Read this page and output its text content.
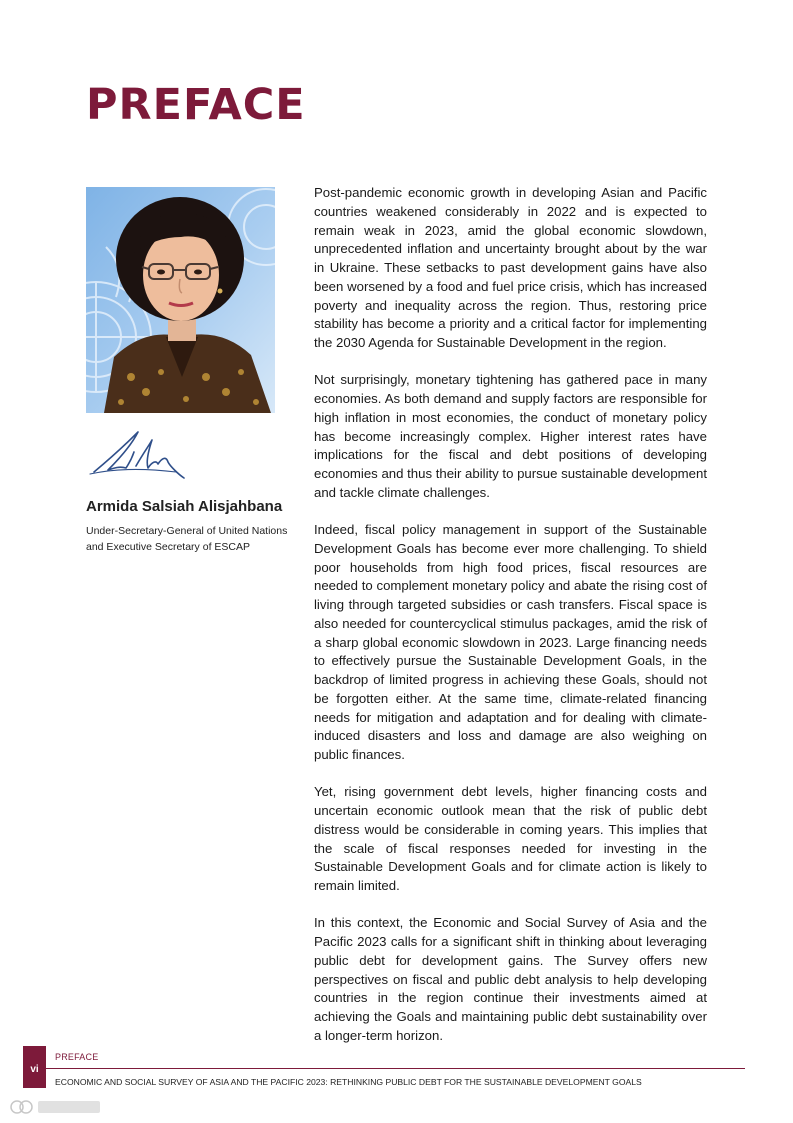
PREFACE
Armida Salsiah Alisjahbana

Under-Secretary-General of United Nations and Executive Secretary of ESCAP

Post-pandemic economic growth in developing Asian and Pacific countries weakened considerably in 2022 and is expected to remain weak in 2023, amid the global economic slowdown, unprecedented inflation and uncertainty brought about by the war in Ukraine. These setbacks to past development gains have also been worsened by a food and fuel price crisis, which has increased poverty and inequality across the region. Thus, restoring price stability has become a priority and a critical factor for implementing the 2030 Agenda for Sustainable Development in the region.

Not surprisingly, monetary tightening has gathered pace in many economies. As both demand and supply factors are responsible for high inflation in most economies, the conduct of monetary policy has become increasingly complex. Higher interest rates have implications for the fiscal and debt positions of developing economies and thus their ability to pursue sustainable development and tackle climate challenges.

Indeed, fiscal policy management in support of the Sustainable Development Goals has become ever more challenging. To shield poor households from high food prices, fiscal resources are needed to complement monetary policy and abate the rising cost of living through targeted subsidies or cash transfers. Fiscal space is also needed for countercyclical stimulus packages, amid the risk of a sharp global economic slowdown in 2023. Large financing needs to effectively pursue the Sustainable Development Goals, in the backdrop of limited progress in achieving these Goals, should not be forgotten either. At the same time, climate-related financing needs for mitigation and adaptation and for dealing with climate-induced disasters and loss and damage are also weighing on public finances.

Yet, rising government debt levels, higher financing costs and uncertain economic outlook mean that the risk of public debt distress would be considerable in coming years. This implies that the scale of fiscal responses needed for investing in the Sustainable Development Goals and for climate action is likely to remain limited.

In this context, the Economic and Social Survey of Asia and the Pacific 2023 calls for a significant shift in thinking about leveraging public debt for development gains. The Survey offers new perspectives on fiscal and public debt analysis to help developing countries in the region continue their investments aimed at achieving the Goals and maintaining public debt sustainability over a longer-term horizon.

vi

PREFACE

ECONOMIC AND SOCIAL SURVEY OF ASIA AND THE PACIFIC 2023: RETHINKING PUBLIC DEBT FOR THE SUSTAINABLE DEVELOPMENT GOALS
